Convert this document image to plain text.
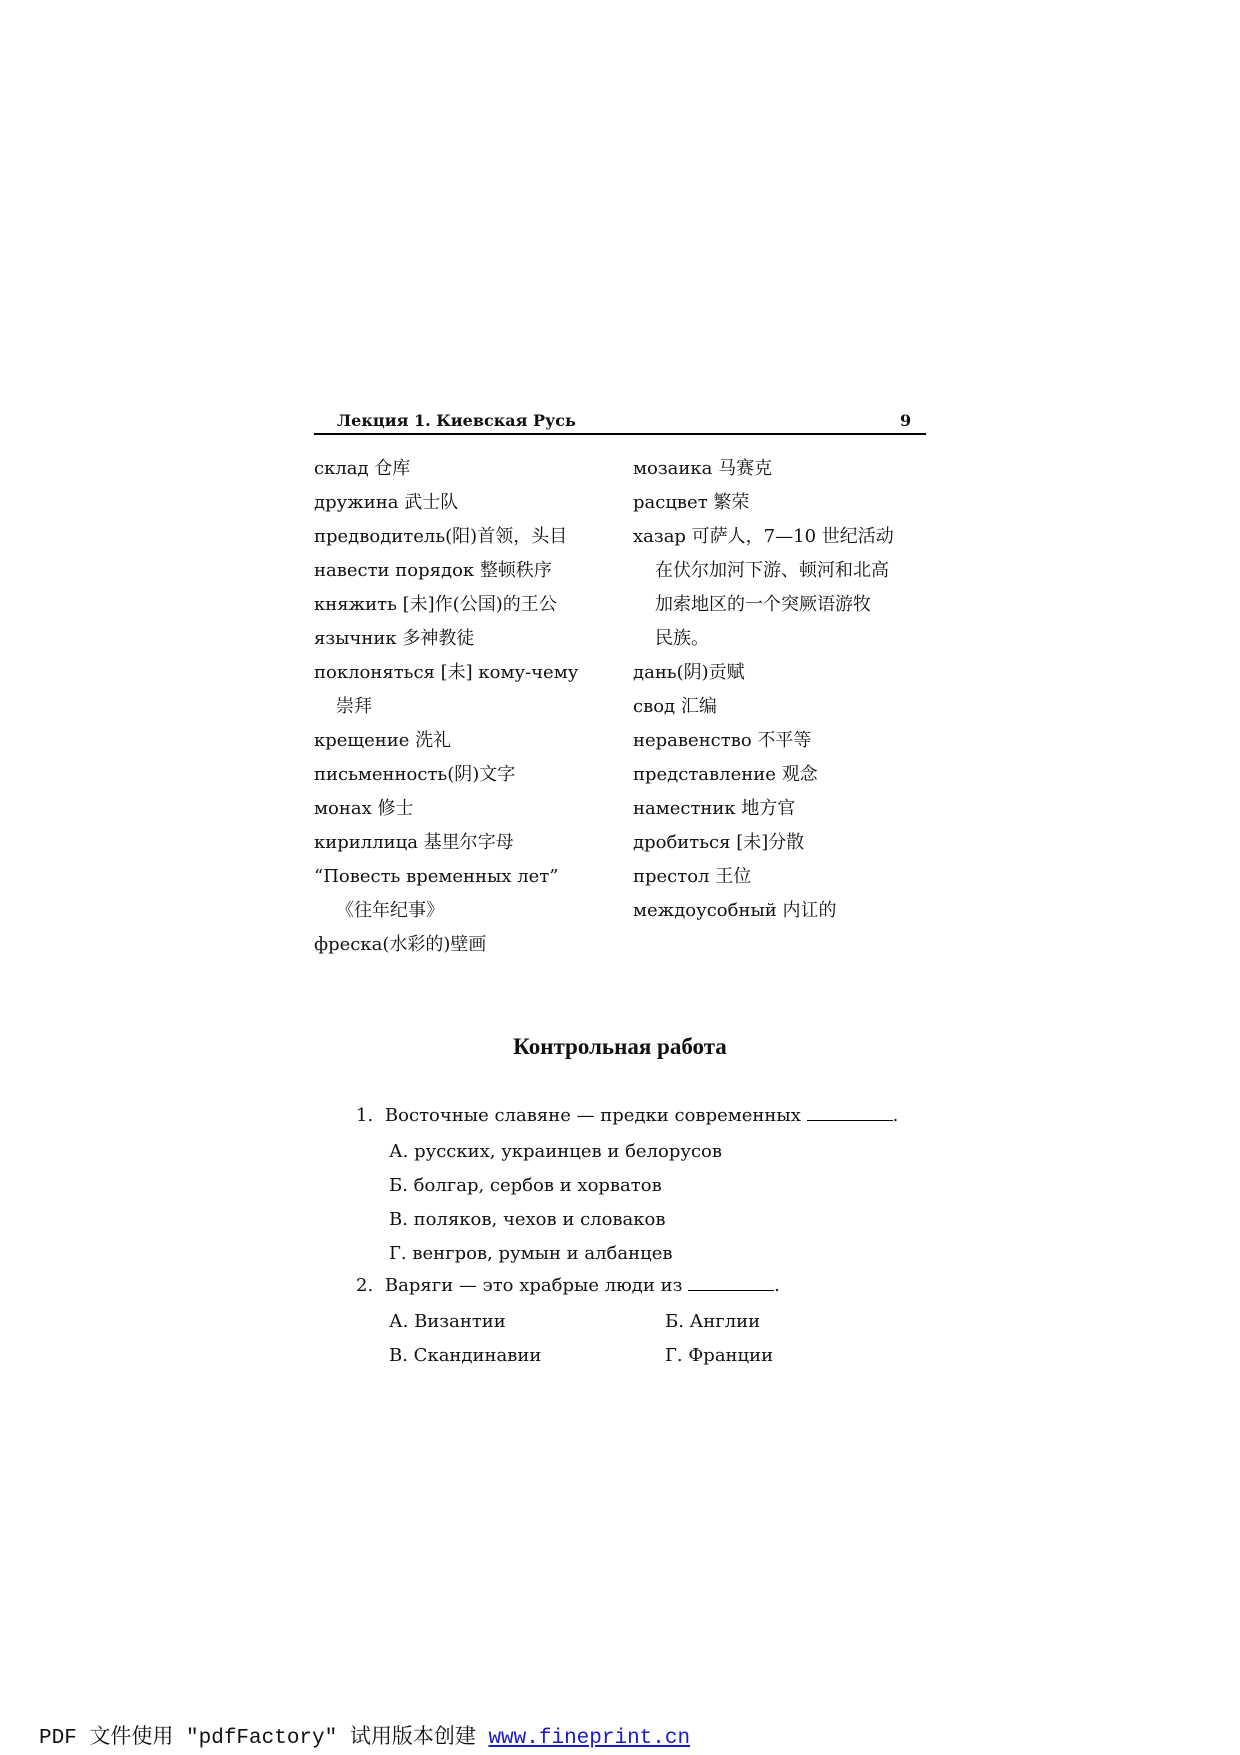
Лекция 1. Киевская Русь	9
склад 仓库
дружина 武士队
предводитель(阳)首领，头目
навести порядок 整顿秩序
княжить [未]作(公国)的王公
язычник 多神教徒
поклоняться [未] кому-чему
崇拜
крещение 洗礼
письменность(阴)文字
монах 修士
кириллица 基里尔字母
“Повесть временных лет”
《往年纪事》
фреска(水彩的)壁画
мозаика 马赛克
расцвет 繁荣
хазар 可萨人，7—10 世纪活动
在伏尔加河下游、顿河和北高
加索地区的一个突厥语游牧
民族。
дань(阴)贡赋
свод 汇编
неравенство 不平等
представление 观念
наместник 地方官
дробиться [未]分散
престол 王位
междоусобный 内讧的
Контрольная работа
1. Восточные славяне — предки современных	.
А. русских, украинцев и белорусов
Б. болгар, сербов и хорватов
В. поляков, чехов и словаков
Г. венгров, румын и албанцев
2. Варяги — это храбрые люди из	.
А. Византии	Б. Англии
В. Скандинавии	Г. Франции
PDF 文件使用 "pdfFactory" 试用版本创建 www.fineprint.cn
